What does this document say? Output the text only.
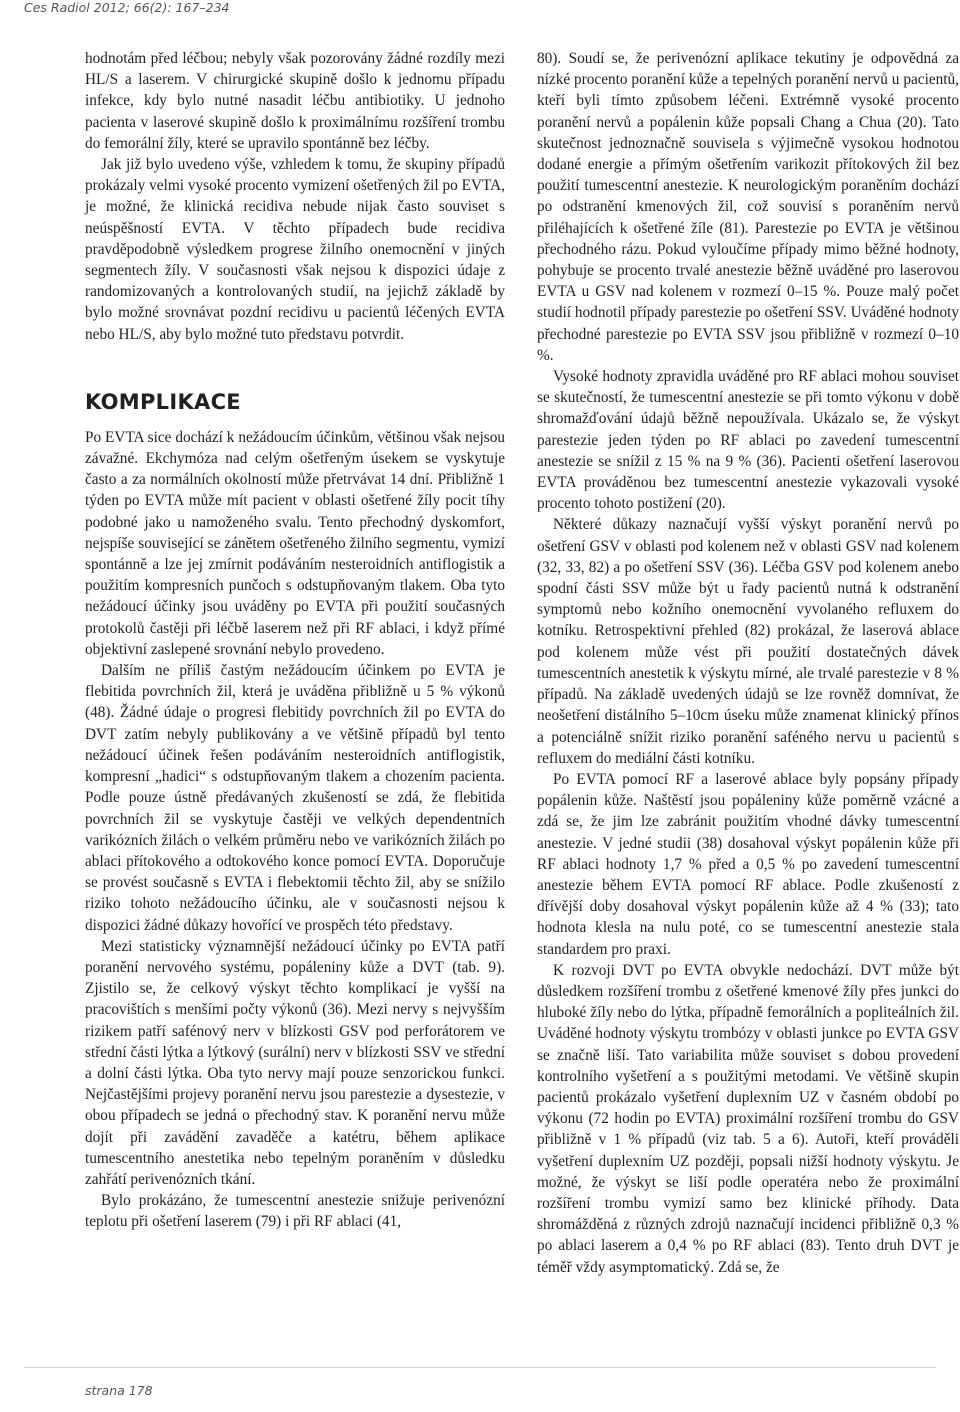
Ces Radiol 2012; 66(2): 167–234

hodnotám před léčbou; nebyly však pozorovány žádné rozdíly mezi HL/S a laserem. V chirurgické skupině došlo k jednomu případu infekce, kdy bylo nutné nasadit léčbu antibiotiky. U jednoho pacienta v laserové skupině došlo k proximálnímu rozšíření trombu do femorální žíly, které se upravilo spontánně bez léčby.

Jak již bylo uvedeno výše, vzhledem k tomu, že skupiny případů prokázaly velmi vysoké procento vymizení ošetřených žil po EVTA, je možné, že klinická recidiva nebude nijak často souviset s neúspěšností EVTA. V těchto případech bude recidiva pravděpodobně výsledkem progrese žilního onemocnění v jiných segmentech žíly. V současnosti však nejsou k dispozici údaje z randomizovaných a kontrolovaných studií, na jejichž základě by bylo možné srovnávat pozdní recidivu u pacientů léčených EVTA nebo HL/S, aby bylo možné tuto představu potvrdit.

KOMPLIKACE

Po EVTA sice dochází k nežádoucím účinkům, většinou však nejsou závažné. Ekchymóza nad celým ošetřeným úsekem se vyskytuje často a za normálních okolností může přetrvávat 14 dní. Přibližně 1 týden po EVTA může mít pacient v oblasti ošetřené žíly pocit tíhy podobné jako u namoženého svalu. Tento přechodný dyskomfort, nejspíše související se zánětem ošetřeného žilního segmentu, vymizí spontánně a lze jej zmírnit podáváním nesteroidních antiflogistik a použitím kompresních punčoch s odstupňovaným tlakem. Oba tyto nežádoucí účinky jsou uváděny po EVTA při použití současných protokolů častěji při léčbě laserem než při RF ablaci, i když přímé objektivní zaslepené srovnání nebylo provedeno.

Dalším ne příliš častým nežádoucím účinkem po EVTA je flebitida povrchních žil, která je uváděna přibližně u 5 % výkonů (48). Žádné údaje o progresi flebitidy povrchních žil po EVTA do DVT zatím nebyly publikovány a ve většině případů byl tento nežádoucí účinek řešen podáváním nesteroidních antiflogistik, kompresní „hadici“ s odstupňovaným tlakem a chozením pacienta. Podle pouze ústně předávaných zkušeností se zdá, že flebitida povrchních žil se vyskytuje častěji ve velkých dependentních varikózních žilách o velkém průměru nebo ve varikózních žilách po ablaci přítokového a odtokového konce pomocí EVTA. Doporučuje se provést současně s EVTA i flebektomii těchto žil, aby se snížilo riziko tohoto nežádoucího účinku, ale v současnosti nejsou k dispozici žádné důkazy hovořící ve prospěch této představy.

Mezi statisticky významnější nežádoucí účinky po EVTA patří poranění nervového systému, popáleniny kůže a DVT (tab. 9). Zjistilo se, že celkový výskyt těchto komplikací je vyšší na pracovištích s menšími počty výkonů (36). Mezi nervy s nejvyšším rizikem patří safénový nerv v blízkosti GSV pod perforátorem ve střední části lýtka a lýtkový (surální) nerv v blízkosti SSV ve střední a dolní části lýtka. Oba tyto nervy mají pouze senzorickou funkci. Nejčastějšími projevy poranění nervu jsou parestezie a dysestezie, v obou případech se jedná o přechodný stav. K poranění nervu může dojít při zavádění zavaděče a katétru, během aplikace tumescentního anestetika nebo tepelným poraněním v důsledku zahřátí perivenózních tkání.

Bylo prokázáno, že tumescentní anestezie snižuje perivenózní teplotu při ošetření laserem (79) i při RF ablaci (41,

80). Soudí se, že perivenózní aplikace tekutiny je odpovědná za nízké procento poranění kůže a tepelných poranění nervů u pacientů, kteří byli tímto způsobem léčeni. Extrémně vysoké procento poranění nervů a popálenin kůže popsali Chang a Chua (20). Tato skutečnost jednoznačně souvisela s výjimečně vysokou hodnotou dodané energie a přímým ošetřením varikozit přítokových žil bez použití tumescentní anestezie. K neurologickým poraněním dochází po odstranění kmenových žil, což souvisí s poraněním nervů přiléhajících k ošetřené žíle (81). Parestezie po EVTA je většinou přechodného rázu. Pokud vyloučíme případy mimo běžné hodnoty, pohybuje se procento trvalé anestezie běžně uváděné pro laserovou EVTA u GSV nad kolenem v rozmezí 0–15 %. Pouze malý počet studií hodnotil případy parestezie po ošetření SSV. Uváděné hodnoty přechodné parestezie po EVTA SSV jsou přibližně v rozmezí 0–10 %.

Vysoké hodnoty zpravidla uváděné pro RF ablaci mohou souviset se skutečností, že tumescentní anestezie se při tomto výkonu v době shromažďování údajů běžně nepoužívala. Ukázalo se, že výskyt parestezie jeden týden po RF ablaci po zavedení tumescentní anestezie se snížil z 15 % na 9 % (36). Pacienti ošetření laserovou EVTA prováděnou bez tumescentní anestezie vykazovali vysoké procento tohoto postižení (20).

Některé důkazy naznačují vyšší výskyt poranění nervů po ošetření GSV v oblasti pod kolenem než v oblasti GSV nad kolenem (32, 33, 82) a po ošetření SSV (36). Léčba GSV pod kolenem anebo spodní části SSV může být u řady pacientů nutná k odstranění symptomů nebo kožního onemocnění vyvolaného refluxem do kotníku. Retrospektivní přehled (82) prokázal, že laserová ablace pod kolenem může vést při použití dostatečných dávek tumescentních anestetik k výskytu mírné, ale trvalé parestezie v 8 % případů. Na základě uvedených údajů se lze rovněž domnívat, že neošetření distálního 5–10cm úseku může znamenat klinický přínos a potenciálně snížit riziko poranění saféného nervu u pacientů s refluxem do mediální části kotníku.

Po EVTA pomocí RF a laserové ablace byly popsány případy popálenin kůže. Naštěstí jsou popáleniny kůže poměrně vzácné a zdá se, že jim lze zabránit použitím vhodné dávky tumescentní anestezie. V jedné studii (38) dosahoval výskyt popálenin kůže při RF ablaci hodnoty 1,7 % před a 0,5 % po zavedení tumescentní anestezie během EVTA pomocí RF ablace. Podle zkušeností z dřívější doby dosahoval výskyt popálenin kůže až 4 % (33); tato hodnota klesla na nulu poté, co se tumescentní anestezie stala standardem pro praxi.

K rozvoji DVT po EVTA obvykle nedochází. DVT může být důsledkem rozšíření trombu z ošetřené kmenové žíly přes junkci do hluboké žíly nebo do lýtka, případně femorálních a popliteálních žil. Uváděné hodnoty výskytu trombózy v oblasti junkce po EVTA GSV se značně liší. Tato variabilita může souviset s dobou provedení kontrolního vyšetření a s použitými metodami. Ve většině skupin pacientů prokázalo vyšetření duplexním UZ v časném období po výkonu (72 hodin po EVTA) proximální rozšíření trombu do GSV přibližně v 1 % případů (viz tab. 5 a 6). Autoři, kteří prováděli vyšetření duplexním UZ později, popsali nižší hodnoty výskytu. Je možné, že výskyt se liší podle operatéra nebo že proximální rozšíření trombu vymizí samo bez klinické příhody. Data shromážděná z různých zdrojů naznačují incidenci přibližně 0,3 % po ablaci laserem a 0,4 % po RF ablaci (83). Tento druh DVT je téměř vždy asymptomatický. Zdá se, že

strana 178
